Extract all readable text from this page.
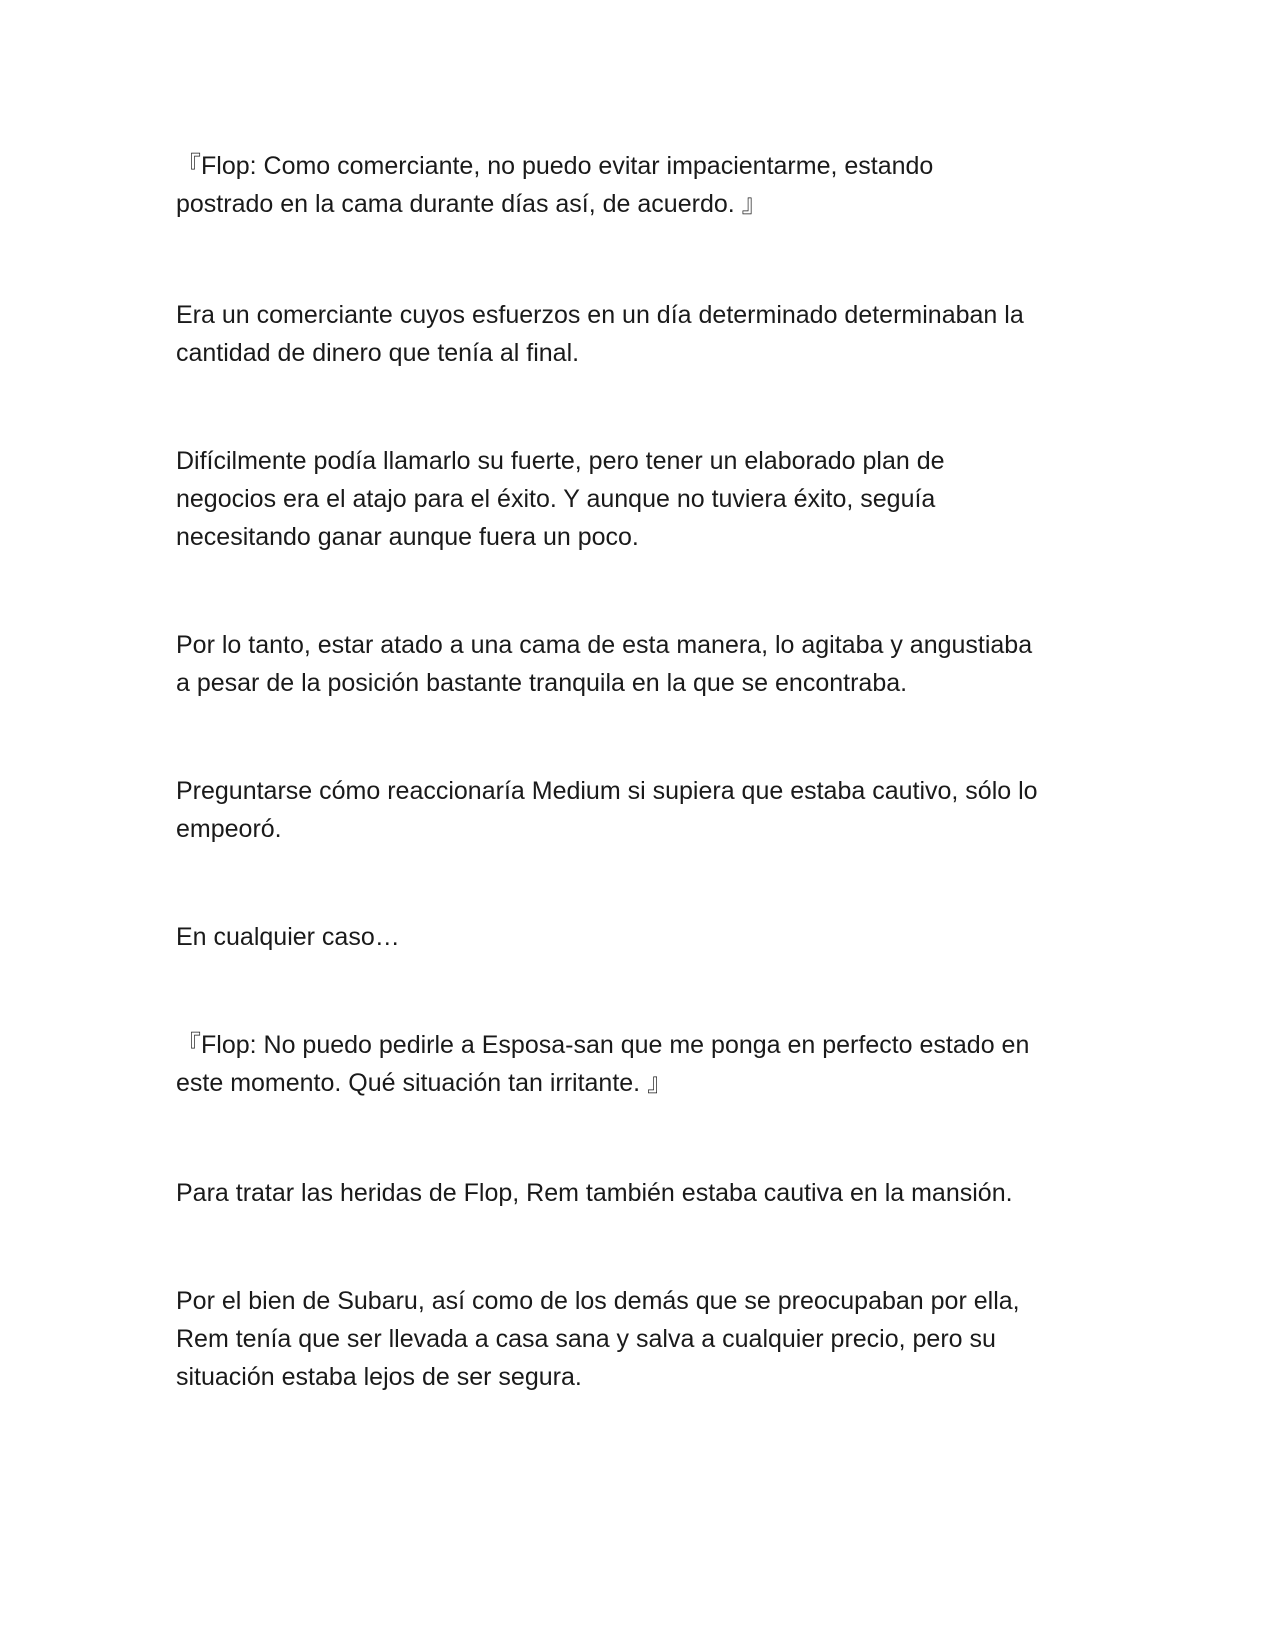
『Flop: Como comerciante, no puedo evitar impacientarme, estando
postrado en la cama durante días así, de acuerdo. 』

Era un comerciante cuyos esfuerzos en un día determinado determinaban la
cantidad de dinero que tenía al final.

Difícilmente podía llamarlo su fuerte, pero tener un elaborado plan de
negocios era el atajo para el éxito. Y aunque no tuviera éxito, seguía
necesitando ganar aunque fuera un poco.

Por lo tanto, estar atado a una cama de esta manera, lo agitaba y angustiaba
a pesar de la posición bastante tranquila en la que se encontraba.

Preguntarse cómo reaccionaría Medium si supiera que estaba cautivo, sólo lo
empeoró.

En cualquier caso…

『Flop: No puedo pedirle a Esposa-san que me ponga en perfecto estado en
este momento. Qué situación tan irritante. 』

Para tratar las heridas de Flop, Rem también estaba cautiva en la mansión.

Por el bien de Subaru, así como de los demás que se preocupaban por ella,
Rem tenía que ser llevada a casa sana y salva a cualquier precio, pero su
situación estaba lejos de ser segura.
